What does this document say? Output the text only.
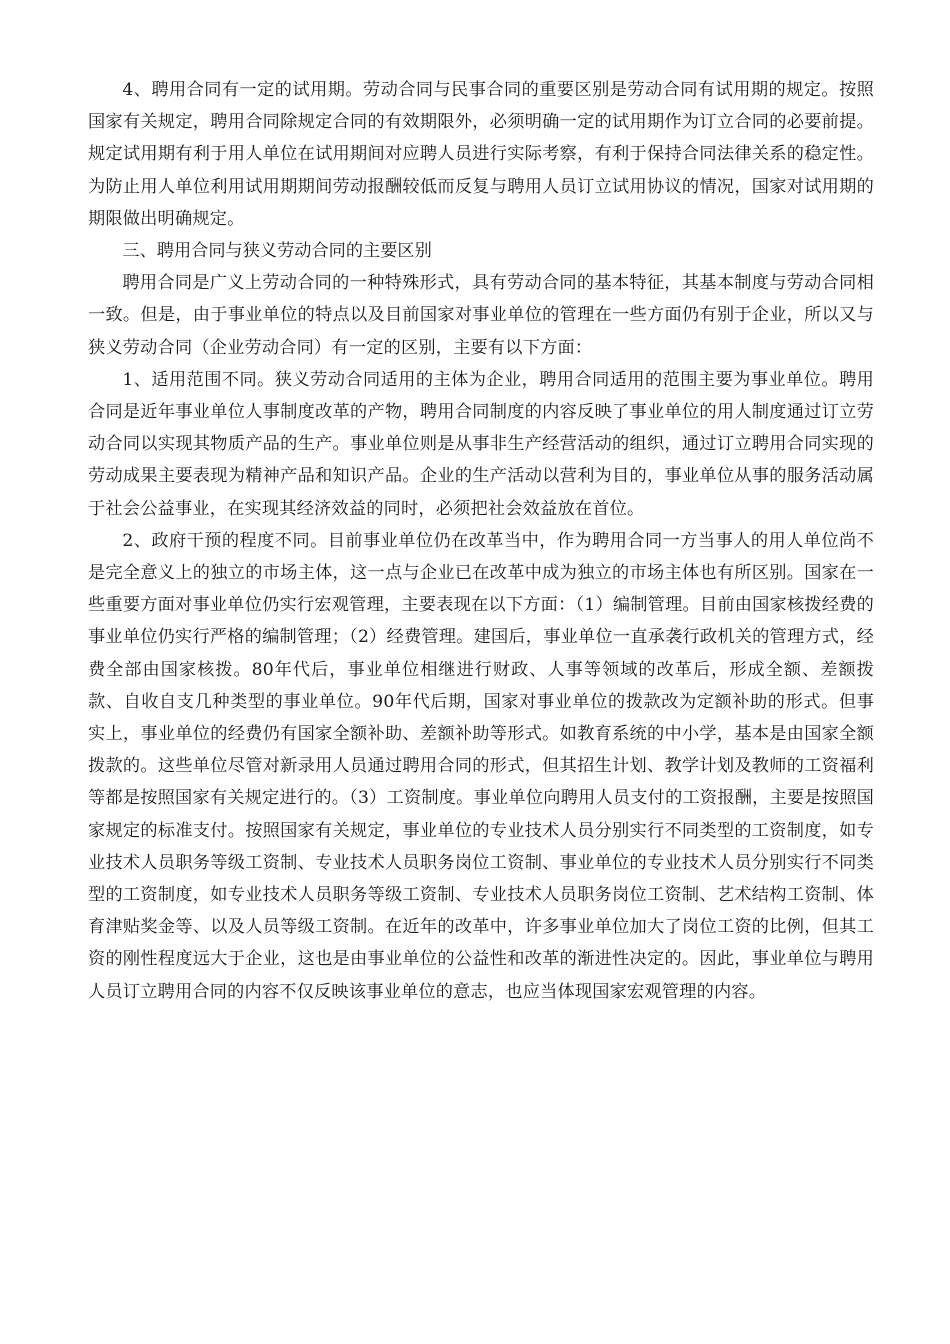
4、聘用合同有一定的试用期。劳动合同与民事合同的重要区别是劳动合同有试用期的规定。按照国家有关规定，聘用合同除规定合同的有效期限外，必须明确一定的试用期作为订立合同的必要前提。规定试用期有利于用人单位在试用期间对应聘人员进行实际考察，有利于保持合同法律关系的稳定性。为防止用人单位利用试用期期间劳动报酬较低而反复与聘用人员订立试用协议的情况，国家对试用期的期限做出明确规定。

三、聘用合同与狭义劳动合同的主要区别

聘用合同是广义上劳动合同的一种特殊形式，具有劳动合同的基本特征，其基本制度与劳动合同相一致。但是，由于事业单位的特点以及目前国家对事业单位的管理在一些方面仍有别于企业，所以又与狭义劳动合同（企业劳动合同）有一定的区别，主要有以下方面：

1、适用范围不同。狭义劳动合同适用的主体为企业，聘用合同适用的范围主要为事业单位。聘用合同是近年事业单位人事制度改革的产物，聘用合同制度的内容反映了事业单位的用人制度通过订立劳动合同以实现其物质产品的生产。事业单位则是从事非生产经营活动的组织，通过订立聘用合同实现的劳动成果主要表现为精神产品和知识产品。企业的生产活动以营利为目的，事业单位从事的服务活动属于社会公益事业，在实现其经济效益的同时，必须把社会效益放在首位。

2、政府干预的程度不同。目前事业单位仍在改革当中，作为聘用合同一方当事人的用人单位尚不是完全意义上的独立的市场主体，这一点与企业已在改革中成为独立的市场主体也有所区别。国家在一些重要方面对事业单位仍实行宏观管理，主要表现在以下方面：（1）编制管理。目前由国家核拨经费的事业单位仍实行严格的编制管理；（2）经费管理。建国后，事业单位一直承袭行政机关的管理方式，经费全部由国家核拨。80年代后，事业单位相继进行财政、人事等领域的改革后，形成全额、差额拨款、自收自支几种类型的事业单位。90年代后期，国家对事业单位的拨款改为定额补助的形式。但事实上，事业单位的经费仍有国家全额补助、差额补助等形式。如教育系统的中小学，基本是由国家全额拨款的。这些单位尽管对新录用人员通过聘用合同的形式，但其招生计划、教学计划及教师的工资福利等都是按照国家有关规定进行的。（3）工资制度。事业单位向聘用人员支付的工资报酬，主要是按照国家规定的标准支付。按照国家有关规定，事业单位的专业技术人员分别实行不同类型的工资制度，如专业技术人员职务等级工资制、专业技术人员职务岗位工资制、事业单位的专业技术人员分别实行不同类型的工资制度，如专业技术人员职务等级工资制、专业技术人员职务岗位工资制、艺术结构工资制、体育津贴奖金等、以及人员等级工资制。在近年的改革中，许多事业单位加大了岗位工资的比例，但其工资的刚性程度远大于企业，这也是由事业单位的公益性和改革的渐进性决定的。因此，事业单位与聘用人员订立聘用合同的内容不仅反映该事业单位的意志，也应当体现国家宏观管理的内容。
